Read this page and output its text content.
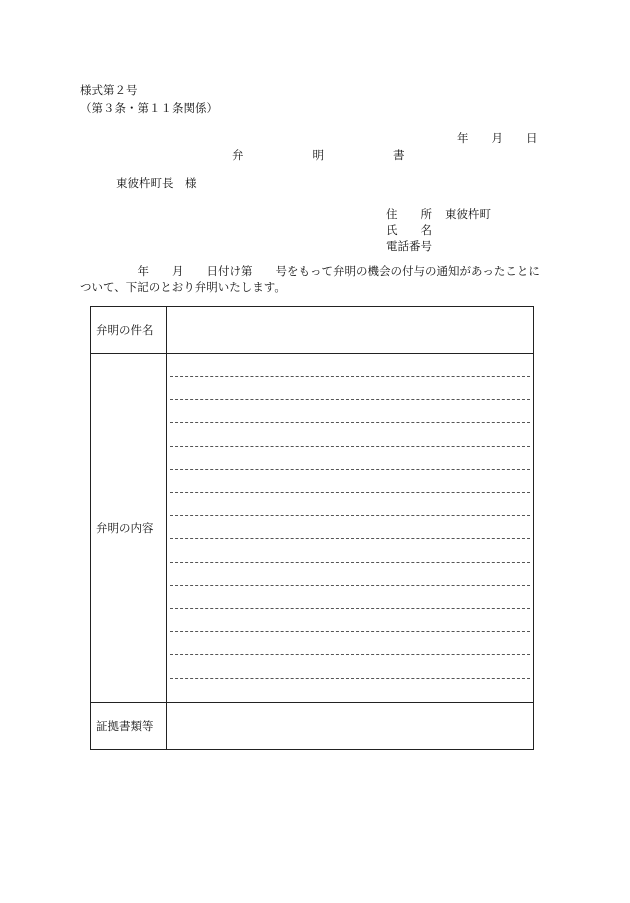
様式第２号
（第３条・第１１条関係）
年　　月　　日
弁　　　　　　明　　　　　　書
東彼杵町長　様
住　　所 東彼杵町
氏　　名
電話番号
　　　　　年　　月　　日付け第　　号をもって弁明の機会の付与の通知があったことについて、下記のとおり弁明いたします。
弁明の件名	
弁明の内容	

証拠書類等	
